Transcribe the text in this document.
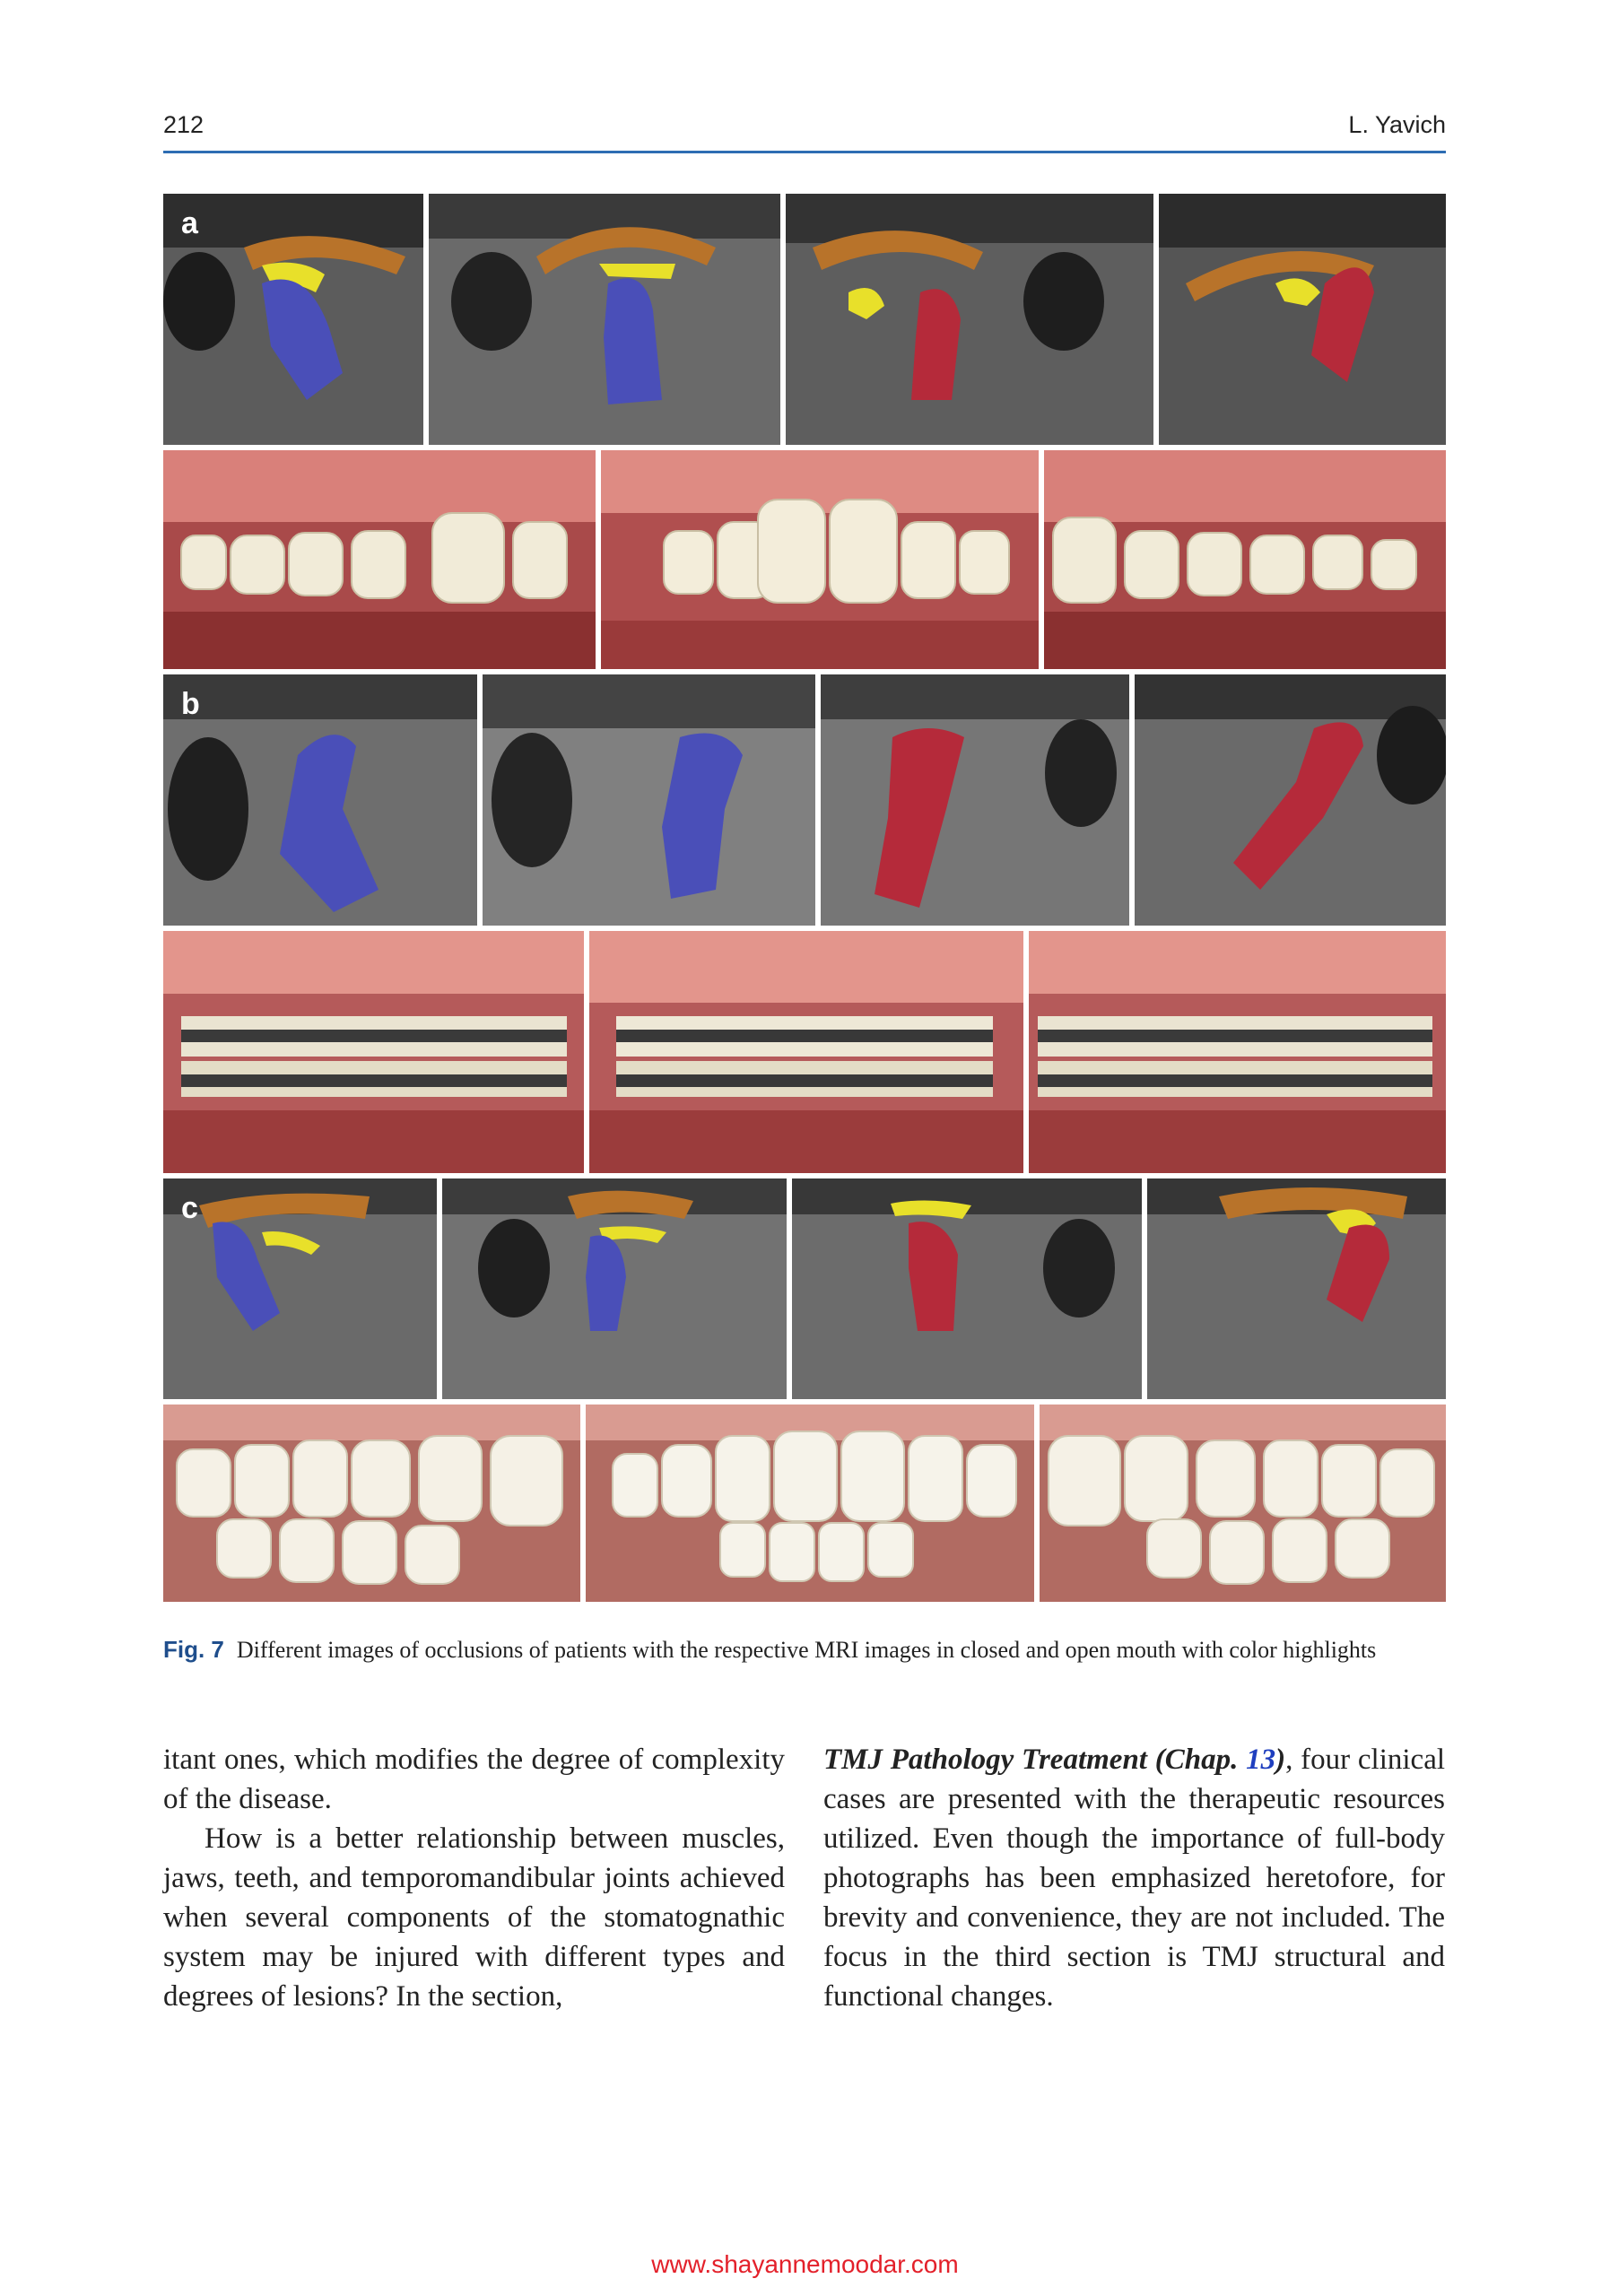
212	L. Yavich
a
b
c
Fig. 7 Different images of occlusions of patients with the respective MRI images in closed and open mouth with color highlights

itant ones, which modifies the degree of complexity of the disease.

How is a better relationship between muscles, jaws, teeth, and temporomandibular joints achieved when several components of the stomatognathic system may be injured with different types and degrees of lesions? In the section,

TMJ Pathology Treatment (Chap. 13), four clinical cases are presented with the therapeutic resources utilized. Even though the importance of full-body photographs has been emphasized heretofore, for brevity and convenience, they are not included. The focus in the third section is TMJ structural and functional changes.

www.shayannemoodar.com
